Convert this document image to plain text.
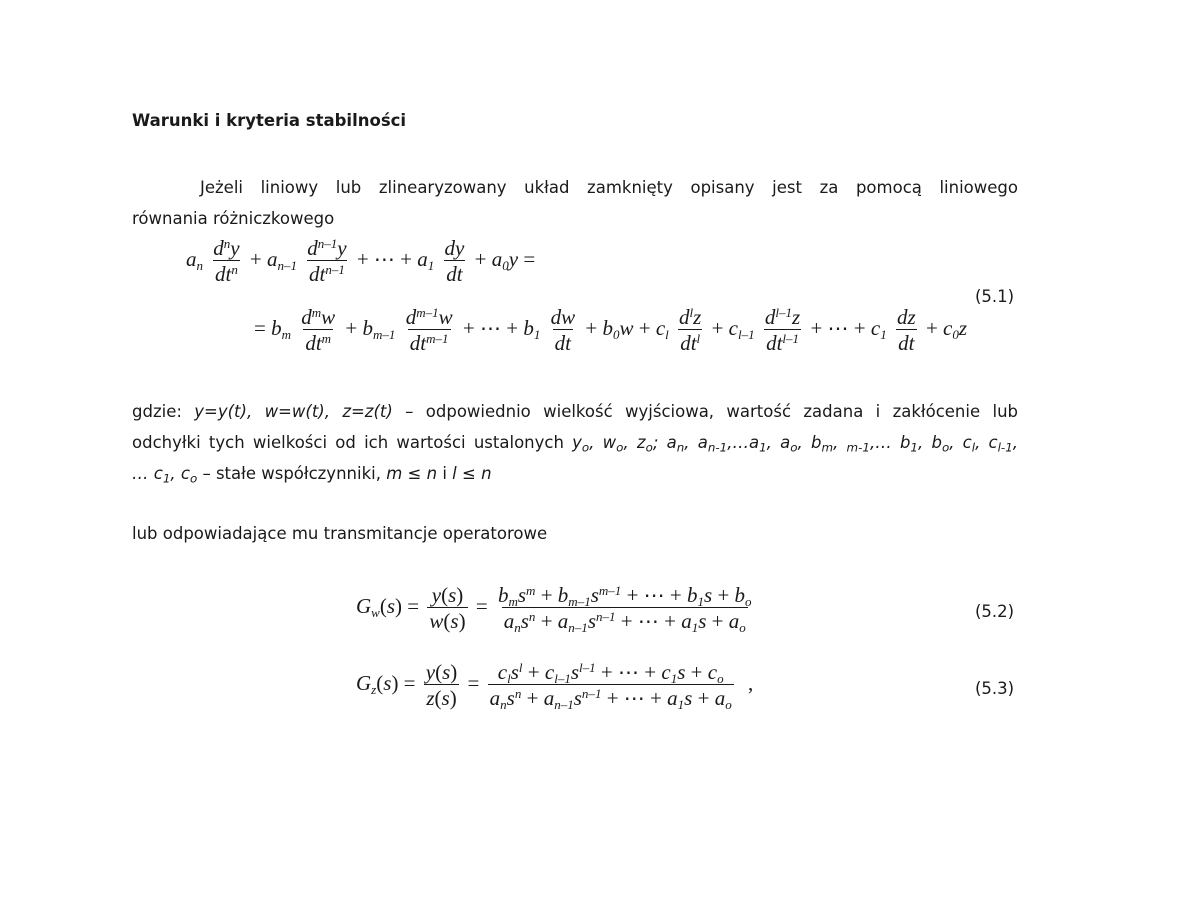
Warunki i kryteria stabilności
Jeżeli liniowy lub zlinearyzowany układ zamknięty opisany jest za pomocą liniowego
równania różniczkowego
$a_n \frac{d^ny}{dt^n} + a_{n-1} \frac{d^{n-1}y}{dt^{n-1}}$ + ⋯ + $a_1 \frac{dy}{dt} + a_0y$ =
(5.1)
= $b_m \frac{d^mw}{dt^m} + b_{m-1} \frac{d^{m-1}w}{dt^{m-1}}$ + ⋯ + $b_1 \frac{dw}{dt} + b_0w + c_l \frac{d^lz}{dt^l} + c_{l-1} \frac{d^{l-1}z}{dt^{l-1}}$ + ⋯ + $c_1 \frac{dz}{dt} + c_0z$
gdzie: y=y(t), w=w(t), z=z(t) – odpowiednio wielkość wyjściowa, wartość zadana i zakłócenie lub
odchyłki tych wielkości od ich wartości ustalonych $y_o$, $w_o$, $z_o$; $a_n$, $a_{n-1},\dots a_1$, $a_o$, $b_m$, $_{m-1}$,… $b_1$, $b_o$, $c_l$, $c_{l-1}$,
… $c_1$, $c_o$ – stałe współczynniki, m ≤ n i l ≤ n
lub odpowiadające mu transmitancje operatorowe
$G_w(s) = \frac{y(s)}{w(s)} = \frac{b_ms^m + b_{m-1}s^{m-1} + \cdots + b_1s + b_o}{a_ns^n + a_{n-1}s^{n-1} + \cdots + a_1s + a_o}$	(5.2)
$G_z(s) = \frac{y(s)}{z(s)} = \frac{c_ls^l + c_{l-1}s^{l-1} + \cdots + c_1s + c_o}{a_ns^n + a_{n-1}s^{n-1} + \cdots + a_1s + a_o}$ ,	(5.3)
